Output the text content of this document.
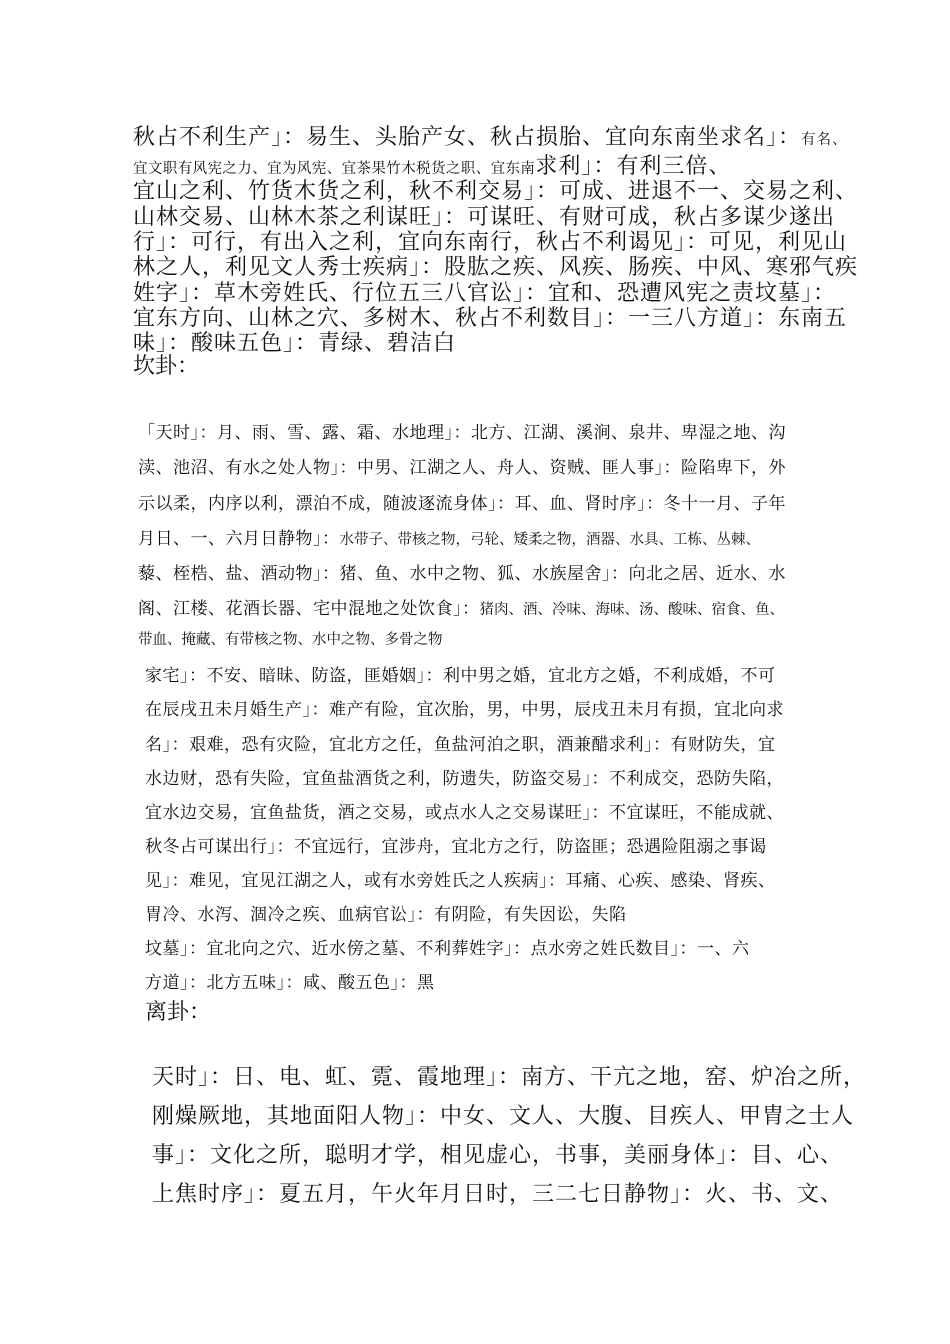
秋占不利生产」：易生、头胎产女、秋占损胎、宜向东南坐求名」：有名、

宜文职有风宪之力、宜为风宪、宜茶果竹木税货之职、宜东南求利」：有利三倍、

宜山之利、竹货木货之利，秋不利交易」：可成、进退不一、交易之利、

山林交易、山林木茶之利谋旺」：可谋旺、有财可成，秋占多谋少遂出

行」：可行，有出入之利，宜向东南行，秋占不利谒见」：可见，利见山

林之人，利见文人秀士疾病」：股肱之疾、风疾、肠疾、中风、寒邪气疾

姓字」：草木旁姓氏、行位五三八官讼」：宜和、恐遭风宪之责坟墓」：

宜东方向、山林之穴、多树木、秋占不利数目」：一三八方道」：东南五

味」：酸味五色」：青绿、碧洁白

坎卦：

「天时」：月、雨、雪、露、霜、水地理」：北方、江湖、溪涧、泉井、卑湿之地、沟

渎、池沼、有水之处人物」：中男、江湖之人、舟人、资贼、匪人事」：险陷卑下，外

示以柔，内序以利，漂泊不成，随波逐流身体」：耳、血、肾时序」：冬十一月、子年

月日、一、六月日静物」：水带子、带核之物，弓轮、矮柔之物，酒器、水具、工栋、丛棘、

藜、桎梏、盐、酒动物」：猪、鱼、水中之物、狐、水族屋舍」：向北之居、近水、水

阁、江楼、花酒长器、宅中混地之处饮食」：猪肉、酒、冷味、海味、汤、酸味、宿食、鱼、

带血、掩藏、有带核之物、水中之物、多骨之物

家宅」：不安、暗昧、防盗，匪婚姻」：利中男之婚，宜北方之婚，不利成婚，不可

在辰戌丑未月婚生产」：难产有险，宜次胎，男，中男，辰戌丑未月有损，宜北向求

名」：艰难，恐有灾险，宜北方之任，鱼盐河泊之职，酒兼醋求利」：有财防失，宜

水边财，恐有失险，宜鱼盐酒货之利，防遗失，防盗交易」：不利成交，恐防失陷，

宜水边交易，宜鱼盐货，酒之交易，或点水人之交易谋旺」：不宜谋旺，不能成就、

秋冬占可谋出行」：不宜远行，宜涉舟，宜北方之行，防盗匪；恐遇险阻溺之事谒

见」：难见，宜见江湖之人，或有水旁姓氏之人疾病」：耳痛、心疾、感染、肾疾、

胃冷、水泻、涸冷之疾、血病官讼」：有阴险，有失因讼，失陷

坟墓」：宜北向之穴、近水傍之墓、不利葬姓字」：点水旁之姓氏数目」：一、六

方道」：北方五味」：咸、酸五色」：黑

离卦：

天时」：日、电、虹、霓、霞地理」：南方、干亢之地，窑、炉冶之所，

刚燥厥地，其地面阳人物」：中女、文人、大腹、目疾人、甲胄之士人

事」：文化之所，聪明才学，相见虚心，书事，美丽身体」：目、心、

上焦时序」：夏五月，午火年月日时，三二七日静物」：火、书、文、
